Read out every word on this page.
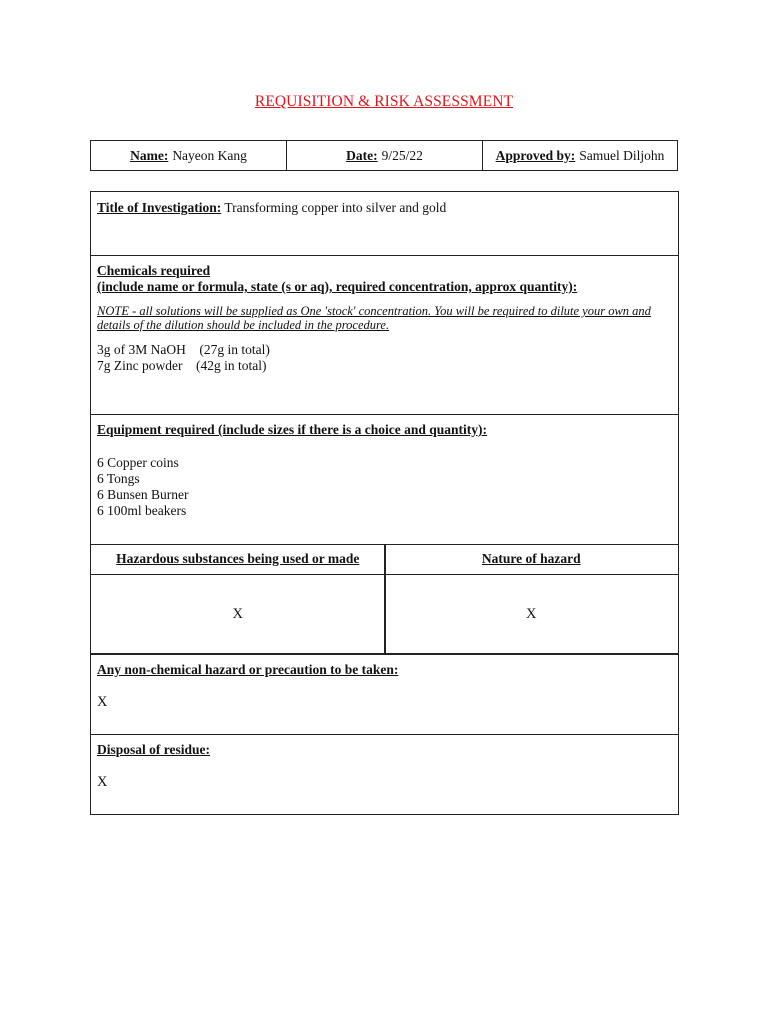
REQUISITION & RISK ASSESSMENT
Name: Nayeon Kang	Date: 9/25/22	Approved by: Samuel Diljohn
Title of Investigation: Transforming copper into silver and gold
Chemicals required
(include name or formula, state (s or aq), required concentration, approx quantity):
NOTE - all solutions will be supplied as One 'stock' concentration. You will be required to dilute your own and details of the dilution should be included in the procedure.
3g of 3M NaOH    (27g in total)
7g Zinc powder    (42g in total)
Equipment required (include sizes if there is a choice and quantity):
6 Copper coins
6 Tongs
6 Bunsen Burner
6 100ml beakers
Hazardous substances being used or made	Nature of hazard
X	X
Any non-chemical hazard or precaution to be taken:
X
Disposal of residue:
X
